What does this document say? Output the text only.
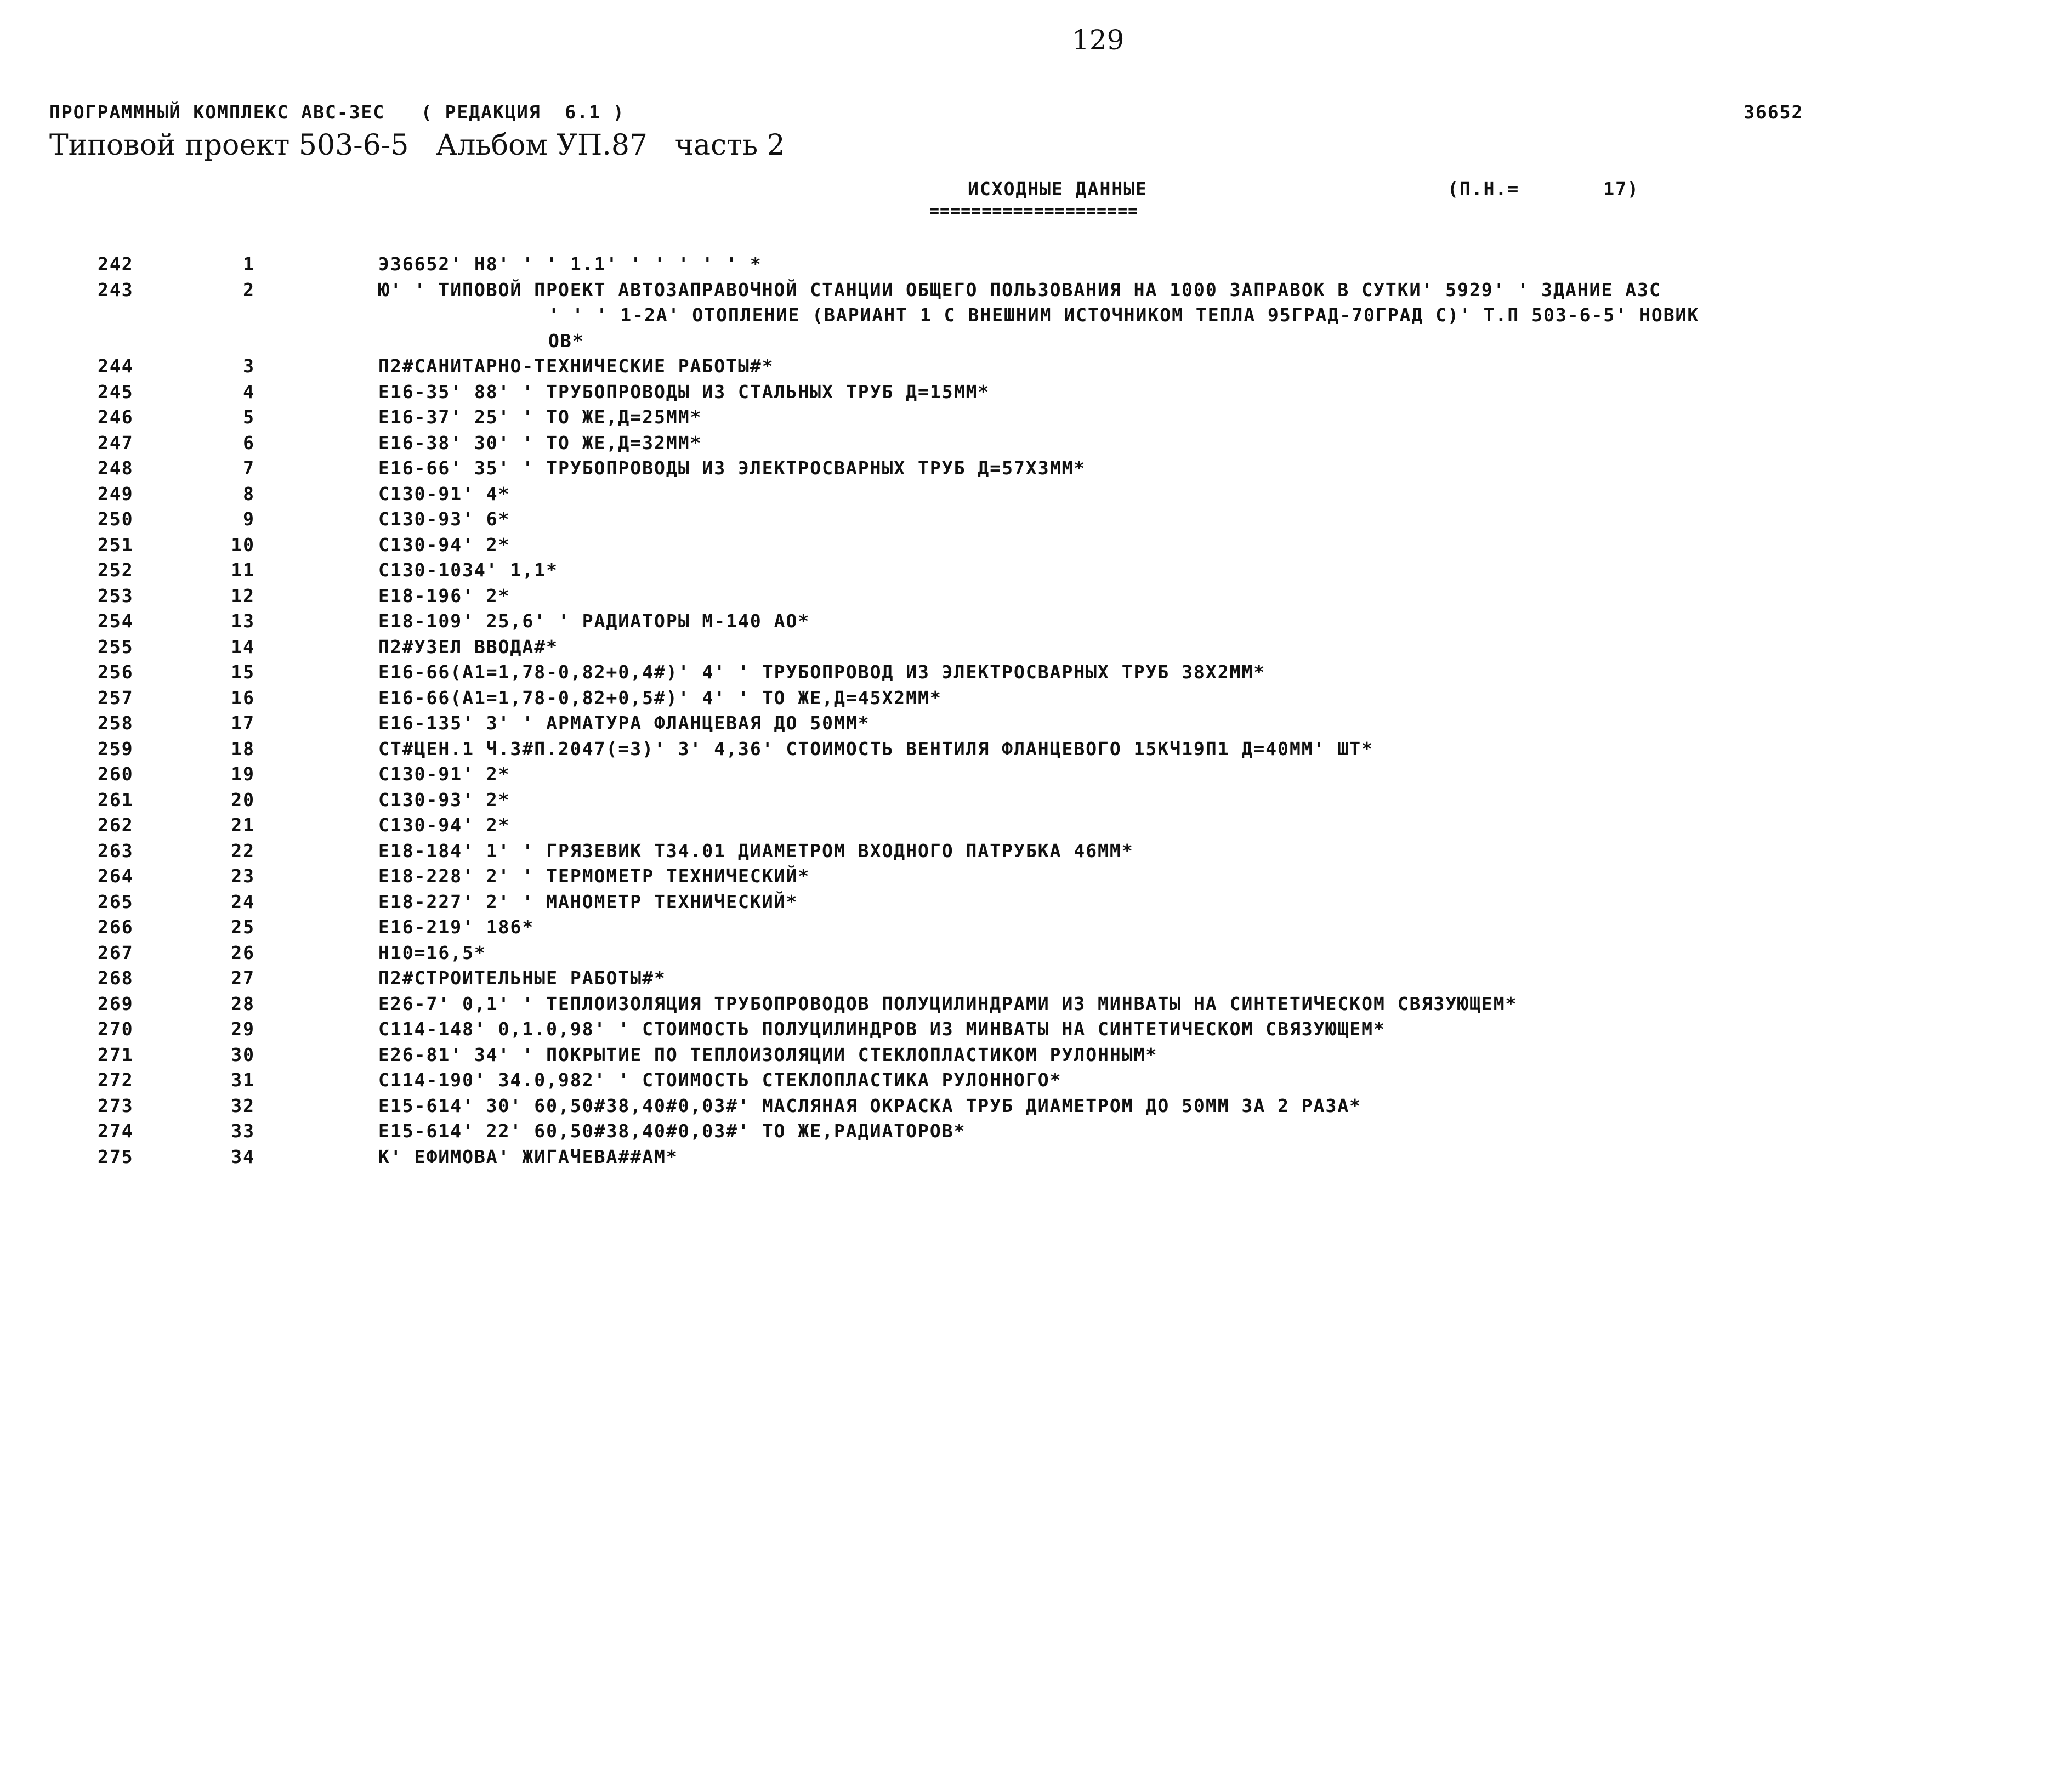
129
ПРОГРАММНЫЙ КОМПЛЕКС АВС-3ЕС   ( РЕДАКЦИЯ  6.1 )	36652
Типовой проект 503-6-5   Альбом УП.87   часть 2
ИСХОДНЫЕ ДАННЫЕ
====================
(П.Н.=       17)
242	1	Э36652' Н8' ' ' 1.1' ' ' ' ' ' *
243	2	Ю' ' ТИПОВОЙ ПРОЕКТ АВТОЗАПРАВОЧНОЙ СТАНЦИИ ОБЩЕГО ПОЛЬЗОВАНИЯ НА 1000 ЗАПРАВОК В СУТКИ' 5929' ' ЗДАНИЕ АЗС
' ' ' 1-2А' ОТОПЛЕНИЕ (ВАРИАНТ 1 С ВНЕШНИМ ИСТОЧНИКОМ ТЕПЛА 95ГРАД-70ГРАД С)' Т.П 503-6-5' НОВИК
ОВ*
244	3	П2#САНИТАРНО-ТЕХНИЧЕСКИЕ РАБОТЫ#*
245	4	Е16-35' 88' ' ТРУБОПРОВОДЫ ИЗ СТАЛЬНЫХ ТРУБ Д=15ММ*
246	5	Е16-37' 25' ' ТО ЖЕ,Д=25ММ*
247	6	Е16-38' 30' ' ТО ЖЕ,Д=32ММ*
248	7	Е16-66' 35' ' ТРУБОПРОВОДЫ ИЗ ЭЛЕКТРОСВАРНЫХ ТРУБ Д=57Х3ММ*
249	8	С130-91' 4*
250	9	С130-93' 6*
251	10	С130-94' 2*
252	11	С130-1034' 1,1*
253	12	Е18-196' 2*
254	13	Е18-109' 25,6' ' РАДИАТОРЫ М-140 АО*
255	14	П2#УЗЕЛ ВВОДА#*
256	15	Е16-66(А1=1,78-0,82+0,4#)' 4' ' ТРУБОПРОВОД ИЗ ЭЛЕКТРОСВАРНЫХ ТРУБ 38Х2ММ*
257	16	Е16-66(А1=1,78-0,82+0,5#)' 4' ' ТО ЖЕ,Д=45Х2ММ*
258	17	Е16-135' 3' ' АРМАТУРА ФЛАНЦЕВАЯ ДО 50ММ*
259	18	СТ#ЦЕН.1 Ч.3#П.2047(=3)' 3' 4,36' СТОИМОСТЬ ВЕНТИЛЯ ФЛАНЦЕВОГО 15КЧ19П1 Д=40ММ' ШТ*
260	19	С130-91' 2*
261	20	С130-93' 2*
262	21	С130-94' 2*
263	22	Е18-184' 1' ' ГРЯЗЕВИК Т34.01 ДИАМЕТРОМ ВХОДНОГО ПАТРУБКА 46ММ*
264	23	Е18-228' 2' ' ТЕРМОМЕТР ТЕХНИЧЕСКИЙ*
265	24	Е18-227' 2' ' МАНОМЕТР ТЕХНИЧЕСКИЙ*
266	25	Е16-219' 186*
267	26	Н10=16,5*
268	27	П2#СТРОИТЕЛЬНЫЕ РАБОТЫ#*
269	28	Е26-7' 0,1' ' ТЕПЛОИЗОЛЯЦИЯ ТРУБОПРОВОДОВ ПОЛУЦИЛИНДРАМИ ИЗ МИНВАТЫ НА СИНТЕТИЧЕСКОМ СВЯЗУЮЩЕМ*
270	29	С114-148' 0,1.0,98' ' СТОИМОСТЬ ПОЛУЦИЛИНДРОВ ИЗ МИНВАТЫ НА СИНТЕТИЧЕСКОМ СВЯЗУЮЩЕМ*
271	30	Е26-81' 34' ' ПОКРЫТИЕ ПО ТЕПЛОИЗОЛЯЦИИ СТЕКЛОПЛАСТИКОМ РУЛОННЫМ*
272	31	С114-190' 34.0,982' ' СТОИМОСТЬ СТЕКЛОПЛАСТИКА РУЛОННОГО*
273	32	Е15-614' 30' 60,50#38,40#0,03#' МАСЛЯНАЯ ОКРАСКА ТРУБ ДИАМЕТРОМ ДО 50ММ ЗА 2 РАЗА*
274	33	Е15-614' 22' 60,50#38,40#0,03#' ТО ЖЕ,РАДИАТОРОВ*
275	34	К' ЕФИМОВА' ЖИГАЧЕВА##АМ*
